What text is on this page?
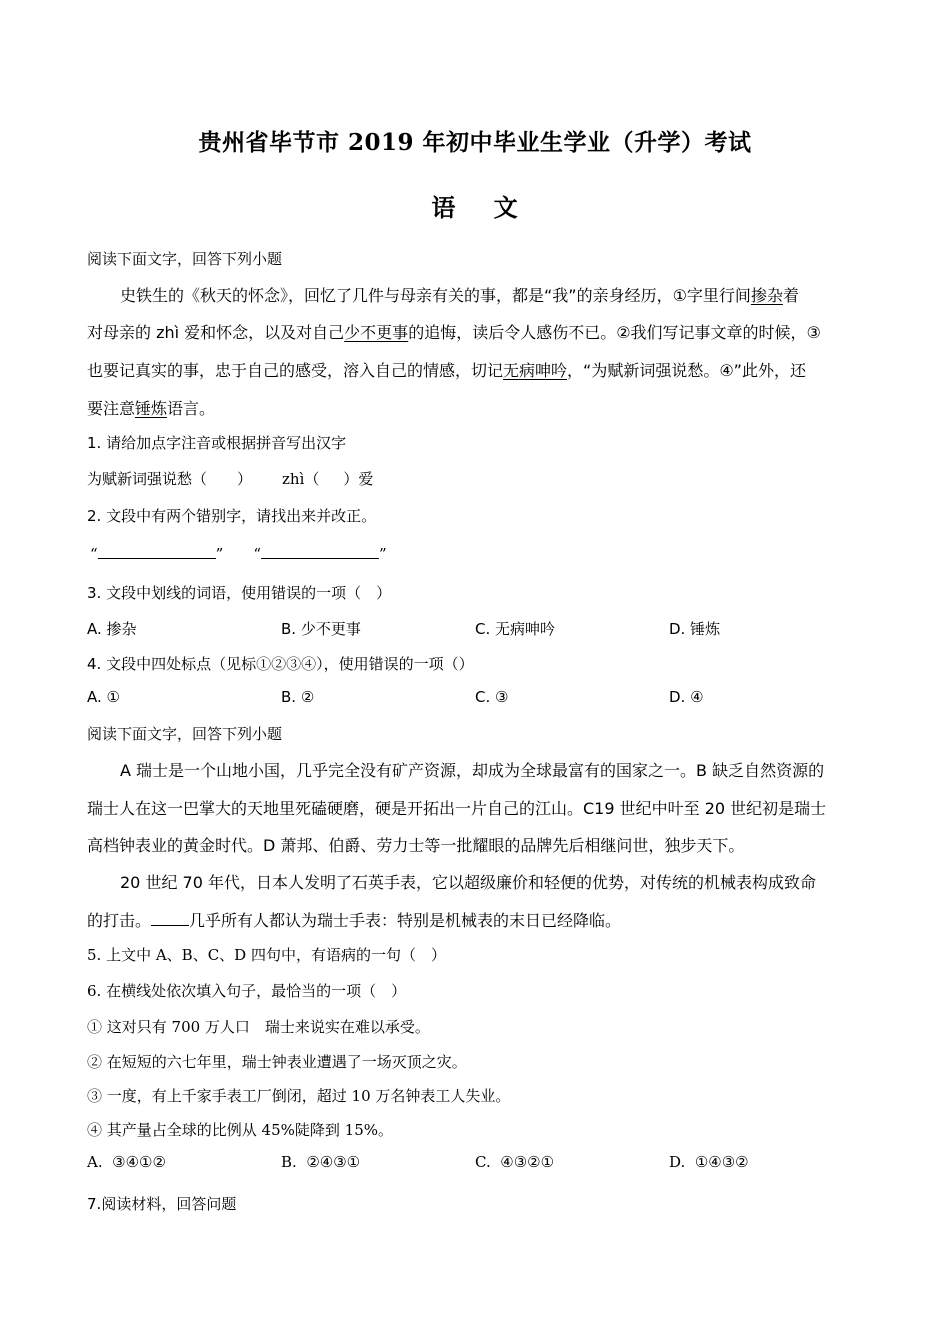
贵州省毕节市 2019 年初中毕业生学业（升学）考试
语 文
阅读下面文字，回答下列小题
史铁生的《秋天的怀念》，回忆了几件与母亲有关的事，都是“我”的亲身经历，①字里行间掺杂着
对母亲的 zhì 爱和怀念，以及对自己少不更事的追悔，读后令人感伤不已。②我们写记事文章的时候，③
也要记真实的事，忠于自己的感受，溶入自己的情感，切记无病呻吟，“为赋新词强说愁。④”此外，还
要注意锤炼语言。
1. 请给加点字注音或根据拼音写出汉字
为赋新词强说愁（ ） zhì（ ）爱
2. 文段中有两个错别字，请找出来并改正。
“	” “	”
3. 文段中划线的词语，使用错误的一项（　）
A. 掺杂	B. 少不更事	C. 无病呻吟	D. 锤炼
4. 文段中四处标点（见标①②③④），使用错误的一项（）
A. ①	B. ②	C. ③	D. ④
阅读下面文字，回答下列小题
A 瑞士是一个山地小国，几乎完全没有矿产资源，却成为全球最富有的国家之一。B 缺乏自然资源的
瑞士人在这一巴掌大的天地里死磕硬磨，硬是开拓出一片自己的江山。C19 世纪中叶至 20 世纪初是瑞士
高档钟表业的黄金时代。D 萧邦、伯爵、劳力士等一批耀眼的品牌先后相继问世，独步天下。
20 世纪 70 年代，日本人发明了石英手表，它以超级廉价和轻便的优势，对传统的机械表构成致命
的打击。 几乎所有人都认为瑞士手表：特别是机械表的末日已经降临。
5. 上文中 A、B、C、D 四句中，有语病的一句（　）
6. 在横线处依次填入句子，最恰当的一项（　）
① 这对只有 700 万人口　瑞士来说实在难以承受。
② 在短短的六七年里，瑞士钟表业遭遇了一场灭顶之灾。
③ 一度，有上千家手表工厂倒闭，超过 10 万名钟表工人失业。
④ 其产量占全球的比例从 45%陡降到 15%。
A. ③④①②	B. ②④③①	C. ④③②①	D. ①④③②
7.阅读材料，回答问题
